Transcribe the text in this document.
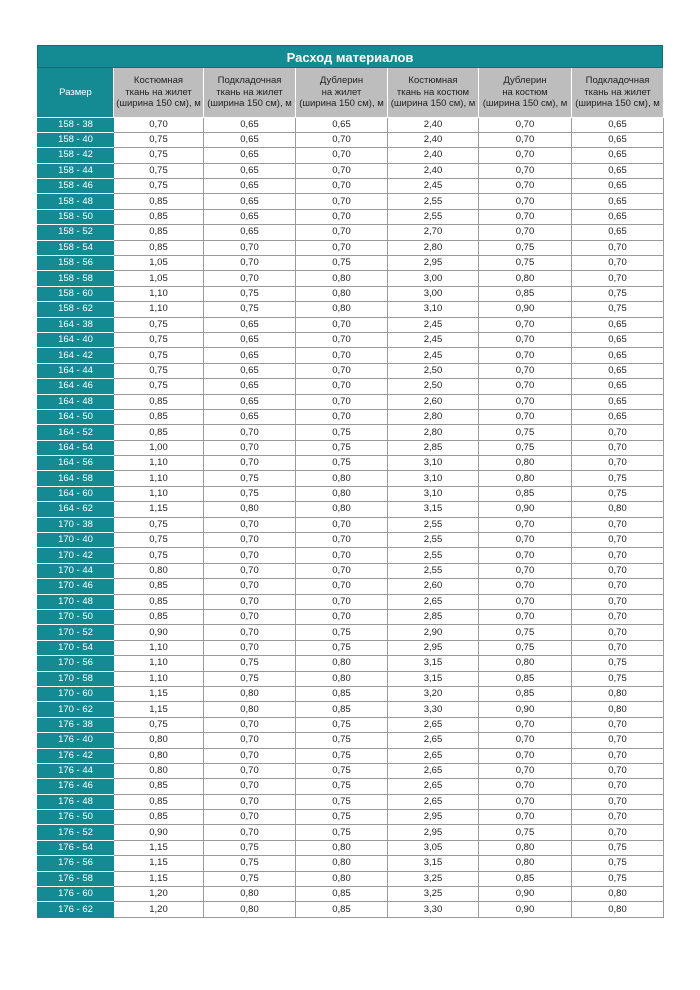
Расход материалов
Размер	Костюмная
ткань на жилет
(ширина 150 см), м	Подкладочная
ткань на жилет
(ширина 150 см), м	Дублерин
на жилет
(ширина 150 см), м	Костюмная
ткань на костюм
(ширина 150 см), м	Дублерин
на костюм
(ширина 150 см), м	Подкладочная
ткань на жилет
(ширина 150 см), м
158 - 38	0,70	0,65	0,65	2,40	0,70	0,65
158 - 40	0,75	0,65	0,70	2,40	0,70	0,65
158 - 42	0,75	0,65	0,70	2,40	0,70	0,65
158 - 44	0,75	0,65	0,70	2,40	0,70	0,65
158 - 46	0,75	0,65	0,70	2,45	0,70	0,65
158 - 48	0,85	0,65	0,70	2,55	0,70	0,65
158 - 50	0,85	0,65	0,70	2,55	0,70	0,65
158 - 52	0,85	0,65	0,70	2,70	0,70	0,65
158 - 54	0,85	0,70	0,70	2,80	0,75	0,70
158 - 56	1,05	0,70	0,75	2,95	0,75	0,70
158 - 58	1,05	0,70	0,80	3,00	0,80	0,70
158 - 60	1,10	0,75	0,80	3,00	0,85	0,75
158 - 62	1,10	0,75	0,80	3,10	0,90	0,75
164 - 38	0,75	0,65	0,70	2,45	0,70	0,65
164 - 40	0,75	0,65	0,70	2,45	0,70	0,65
164 - 42	0,75	0,65	0,70	2,45	0,70	0,65
164 - 44	0,75	0,65	0,70	2,50	0,70	0,65
164 - 46	0,75	0,65	0,70	2,50	0,70	0,65
164 - 48	0,85	0,65	0,70	2,60	0,70	0,65
164 - 50	0,85	0,65	0,70	2,80	0,70	0,65
164 - 52	0,85	0,70	0,75	2,80	0,75	0,70
164 - 54	1,00	0,70	0,75	2,85	0,75	0,70
164 - 56	1,10	0,70	0,75	3,10	0,80	0,70
164 - 58	1,10	0,75	0,80	3,10	0,80	0,75
164 - 60	1,10	0,75	0,80	3,10	0,85	0,75
164 - 62	1,15	0,80	0,80	3,15	0,90	0,80
170 - 38	0,75	0,70	0,70	2,55	0,70	0,70
170 - 40	0,75	0,70	0,70	2,55	0,70	0,70
170 - 42	0,75	0,70	0,70	2,55	0,70	0,70
170 - 44	0,80	0,70	0,70	2,55	0,70	0,70
170 - 46	0,85	0,70	0,70	2,60	0,70	0,70
170 - 48	0,85	0,70	0,70	2,65	0,70	0,70
170 - 50	0,85	0,70	0,70	2,85	0,70	0,70
170 - 52	0,90	0,70	0,75	2,90	0,75	0,70
170 - 54	1,10	0,70	0,75	2,95	0,75	0,70
170 - 56	1,10	0,75	0,80	3,15	0,80	0,75
170 - 58	1,10	0,75	0,80	3,15	0,85	0,75
170 - 60	1,15	0,80	0,85	3,20	0,85	0,80
170 - 62	1,15	0,80	0,85	3,30	0,90	0,80
176 - 38	0,75	0,70	0,75	2,65	0,70	0,70
176 - 40	0,80	0,70	0,75	2,65	0,70	0,70
176 - 42	0,80	0,70	0,75	2,65	0,70	0,70
176 - 44	0,80	0,70	0,75	2,65	0,70	0,70
176 - 46	0,85	0,70	0,75	2,65	0,70	0,70
176 - 48	0,85	0,70	0,75	2,65	0,70	0,70
176 - 50	0,85	0,70	0,75	2,95	0,70	0,70
176 - 52	0,90	0,70	0,75	2,95	0,75	0,70
176 - 54	1,15	0,75	0,80	3,05	0,80	0,75
176 - 56	1,15	0,75	0,80	3,15	0,80	0,75
176 - 58	1,15	0,75	0,80	3,25	0,85	0,75
176 - 60	1,20	0,80	0,85	3,25	0,90	0,80
176 - 62	1,20	0,80	0,85	3,30	0,90	0,80
